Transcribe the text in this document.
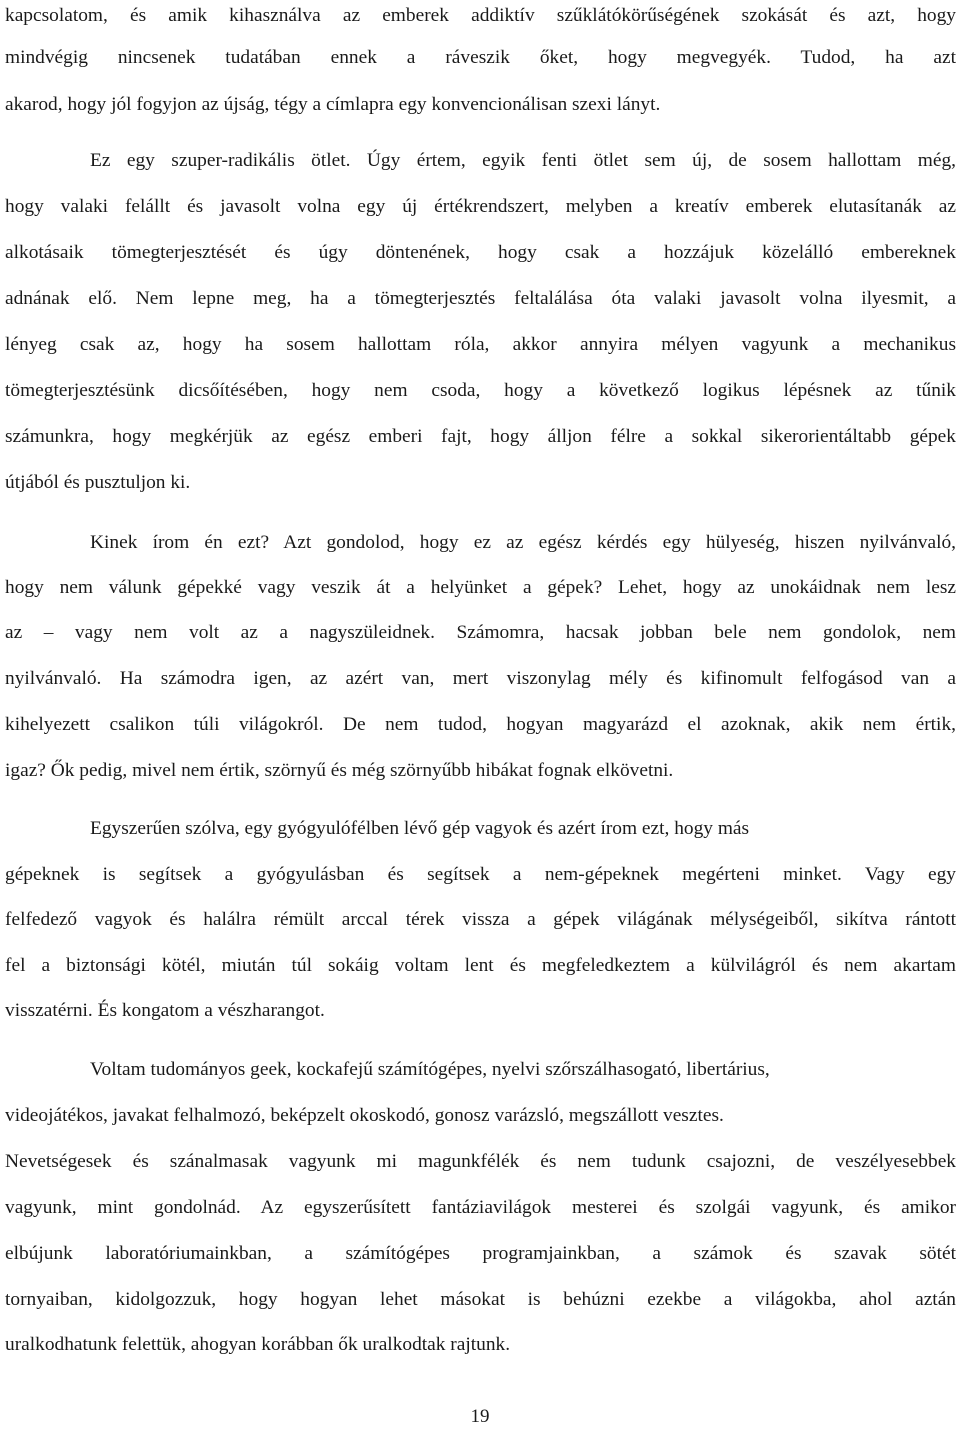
kapcsolatom, és amik kihasználva az emberek addiktív szűklátókörűségének szokását és azt, hogy
mindvégig nincsenek tudatában ennek a ráveszik őket, hogy megvegyék. Tudod, ha azt
akarod, hogy jól fogyjon az újság, tégy a címlapra egy konvencionálisan szexi lányt.
Ez egy szuper-radikális ötlet. Úgy értem, egyik fenti ötlet sem új, de sosem hallottam még,
hogy valaki felállt és javasolt volna egy új értékrendszert, melyben a kreatív emberek elutasítanák az
alkotásaik tömegterjesztését és úgy döntenének, hogy csak a hozzájuk közelálló embereknek
adnának elő. Nem lepne meg, ha a tömegterjesztés feltalálása óta valaki javasolt volna ilyesmit, a
lényeg csak az, hogy ha sosem hallottam róla, akkor annyira mélyen vagyunk a mechanikus
tömegterjesztésünk dicsőítésében, hogy nem csoda, hogy a következő logikus lépésnek az tűnik
számunkra, hogy megkérjük az egész emberi fajt, hogy álljon félre a sokkal sikerorientáltabb gépek
útjából és pusztuljon ki.
Kinek írom én ezt? Azt gondolod, hogy ez az egész kérdés egy hülyeség, hiszen nyilvánvaló,
hogy nem válunk gépekké vagy veszik át a helyünket a gépek? Lehet, hogy az unokáidnak nem lesz
az – vagy nem volt az a nagyszüleidnek. Számomra, hacsak jobban bele nem gondolok, nem
nyilvánvaló. Ha számodra igen, az azért van, mert viszonylag mély és kifinomult felfogásod van a
kihelyezett csalikon túli világokról. De nem tudod, hogyan magyarázd el azoknak, akik nem értik,
igaz? Ők pedig, mivel nem értik, szörnyű és még szörnyűbb hibákat fognak elkövetni.
Egyszerűen szólva, egy gyógyulófélben lévő gép vagyok és azért írom ezt, hogy más
gépeknek is segítsek a gyógyulásban és segítsek a nem-gépeknek megérteni minket. Vagy egy
felfedező vagyok és halálra rémült arccal térek vissza a gépek világának mélységeiből, sikítva rántott
fel a biztonsági kötél, miután túl sokáig voltam lent és megfeledkeztem a külvilágról és nem akartam
visszatérni. És kongatom a vészharangot.
Voltam tudományos geek, kockafejű számítógépes, nyelvi szőrszálhasogató, libertárius,
videojátékos, javakat felhalmozó, beképzelt okoskodó, gonosz varázsló, megszállott vesztes.
Nevetségesek és szánalmasak vagyunk mi magunkfélék és nem tudunk csajozni, de veszélyesebbek
vagyunk, mint gondolnád. Az egyszerűsített fantáziavilágok mesterei és szolgái vagyunk, és amikor
elbújunk laboratóriumainkban, a számítógépes programjainkban, a számok és szavak sötét
tornyaiban, kidolgozzuk, hogy hogyan lehet másokat is behúzni ezekbe a világokba, ahol aztán
uralkodhatunk felettük, ahogyan korábban ők uralkodtak rajtunk.
19
